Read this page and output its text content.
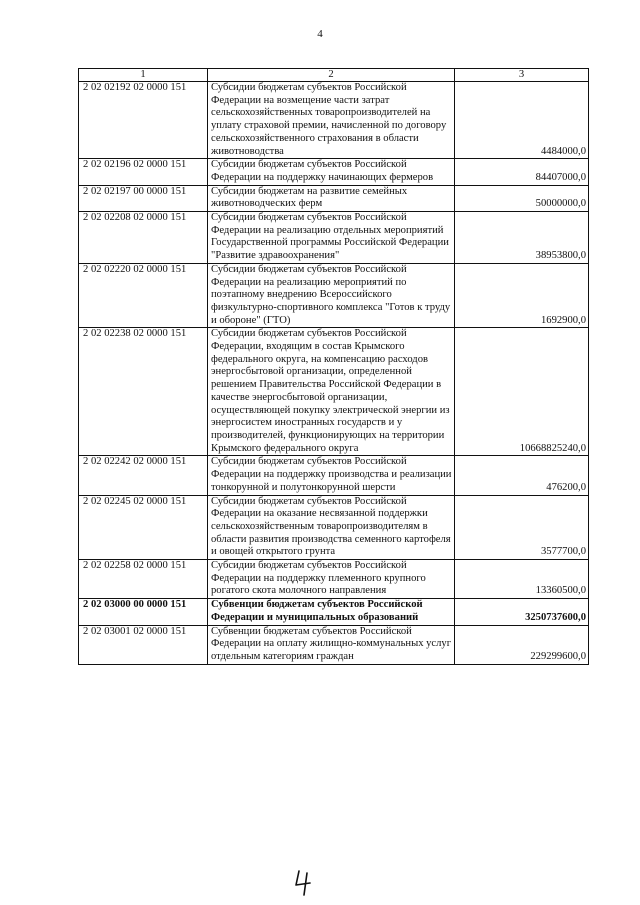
4
1	2	3
2 02 02192 02 0000 151	Субсидии бюджетам субъектов Российской Федерации на возмещение части затрат сельскохозяйственных товаропроизводителей на уплату страховой премии, начисленной по договору сельскохозяйственного страхования в области животноводства	4484000,0
2 02 02196 02 0000 151	Субсидии бюджетам субъектов Российской Федерации на поддержку начинающих фермеров	84407000,0
2 02 02197 00 0000 151	Субсидии бюджетам на развитие семейных животноводческих ферм	50000000,0
2 02 02208 02 0000 151	Субсидии бюджетам субъектов Российской Федерации на реализацию отдельных мероприятий Государственной программы Российской Федерации "Развитие здравоохранения"	38953800,0
2 02 02220 02 0000 151	Субсидии бюджетам субъектов Российской Федерации на реализацию мероприятий по поэтапному внедрению Всероссийского физкультурно-спортивного комплекса "Готов к труду и обороне" (ГТО)	1692900,0
2 02 02238 02 0000 151	Субсидии бюджетам субъектов Российской Федерации, входящим в состав Крымского федерального округа, на компенсацию расходов энергосбытовой организации, определенной решением Правительства Российской Федерации в качестве энергосбытовой организации, осуществляющей покупку электрической энергии из энергосистем иностранных государств и у производителей, функционирующих на территории Крымского федерального округа	10668825240,0
2 02 02242 02 0000 151	Субсидии бюджетам субъектов Российской Федерации на поддержку производства и реализации тонкорунной и полутонкорунной шерсти	476200,0
2 02 02245 02 0000 151	Субсидии бюджетам субъектов Российской Федерации на оказание несвязанной поддержки сельскохозяйственным товаропроизводителям в области развития производства семенного картофеля и овощей открытого грунта	3577700,0
2 02 02258 02 0000 151	Субсидии бюджетам субъектов Российской Федерации на поддержку племенного крупного рогатого скота молочного направления	13360500,0
2 02 03000 00 0000 151	Субвенции бюджетам субъектов Российской Федерации и муниципальных образований	3250737600,0
2 02 03001 02 0000 151	Субвенции бюджетам субъектов Российской Федерации на оплату жилищно-коммунальных услуг отдельным категориям граждан	229299600,0
